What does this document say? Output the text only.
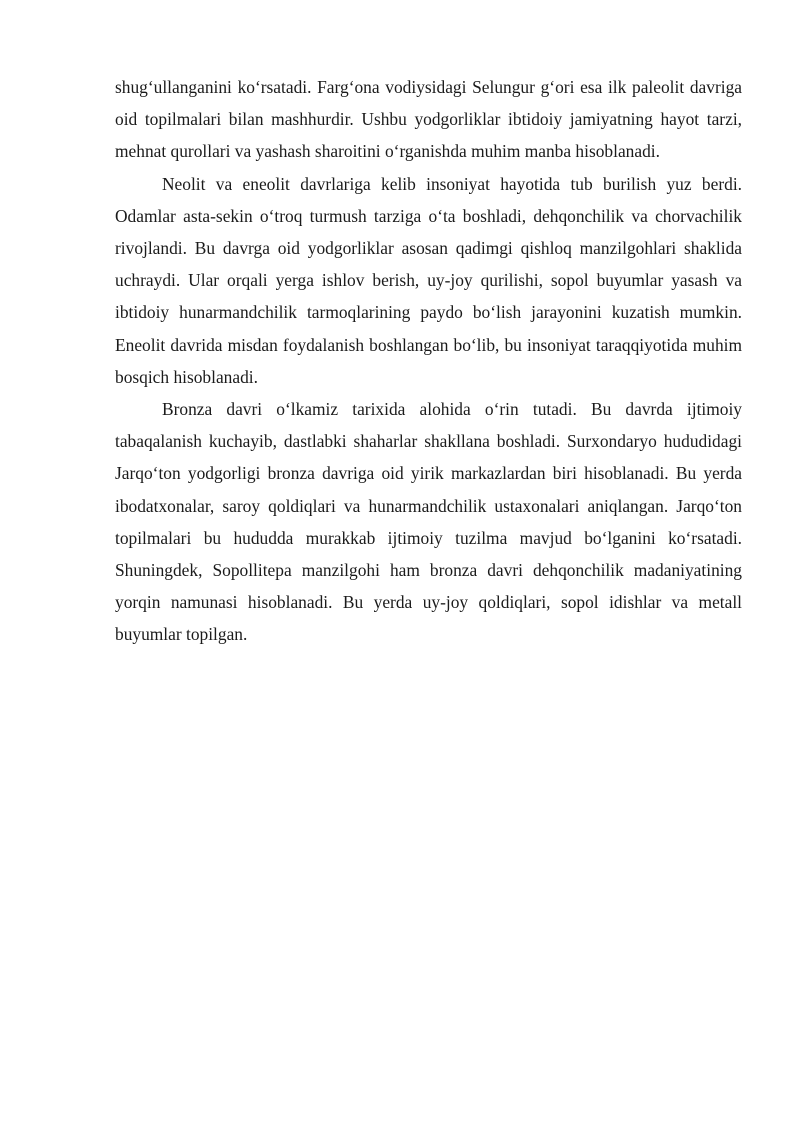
shug‘ullanganini ko‘rsatadi. Farg‘ona vodiysidagi Selungur g‘ori esa ilk paleolit davriga oid topilmalari bilan mashhurdir. Ushbu yodgorliklar ibtidoiy jamiyatning hayot tarzi, mehnat qurollari va yashash sharoitini o‘rganishda muhim manba hisoblanadi.

Neolit va eneolit davrlariga kelib insoniyat hayotida tub burilish yuz berdi. Odamlar asta-sekin o‘troq turmush tarziga o‘ta boshladi, dehqonchilik va chorvachilik rivojlandi. Bu davrga oid yodgorliklar asosan qadimgi qishloq manzilgohlari shaklida uchraydi. Ular orqali yerga ishlov berish, uy-joy qurilishi, sopol buyumlar yasash va ibtidoiy hunarmandchilik tarmoqlarining paydo bo‘lish jarayonini kuzatish mumkin. Eneolit davrida misdan foydalanish boshlangan bo‘lib, bu insoniyat taraqqiyotida muhim bosqich hisoblanadi.

Bronza davri o‘lkamiz tarixida alohida o‘rin tutadi. Bu davrda ijtimoiy tabaqalanish kuchayib, dastlabki shaharlar shakllana boshladi. Surxondaryo hududidagi Jarqo‘ton yodgorligi bronza davriga oid yirik markazlardan biri hisoblanadi. Bu yerda ibodatxonalar, saroy qoldiqlari va hunarmandchilik ustaxonalari aniqlangan. Jarqo‘ton topilmalari bu hududda murakkab ijtimoiy tuzilma mavjud bo‘lganini ko‘rsatadi. Shuningdek, Sopollitepa manzilgohi ham bronza davri dehqonchilik madaniyatining yorqin namunasi hisoblanadi. Bu yerda uy-joy qoldiqlari, sopol idishlar va metall buyumlar topilgan.
